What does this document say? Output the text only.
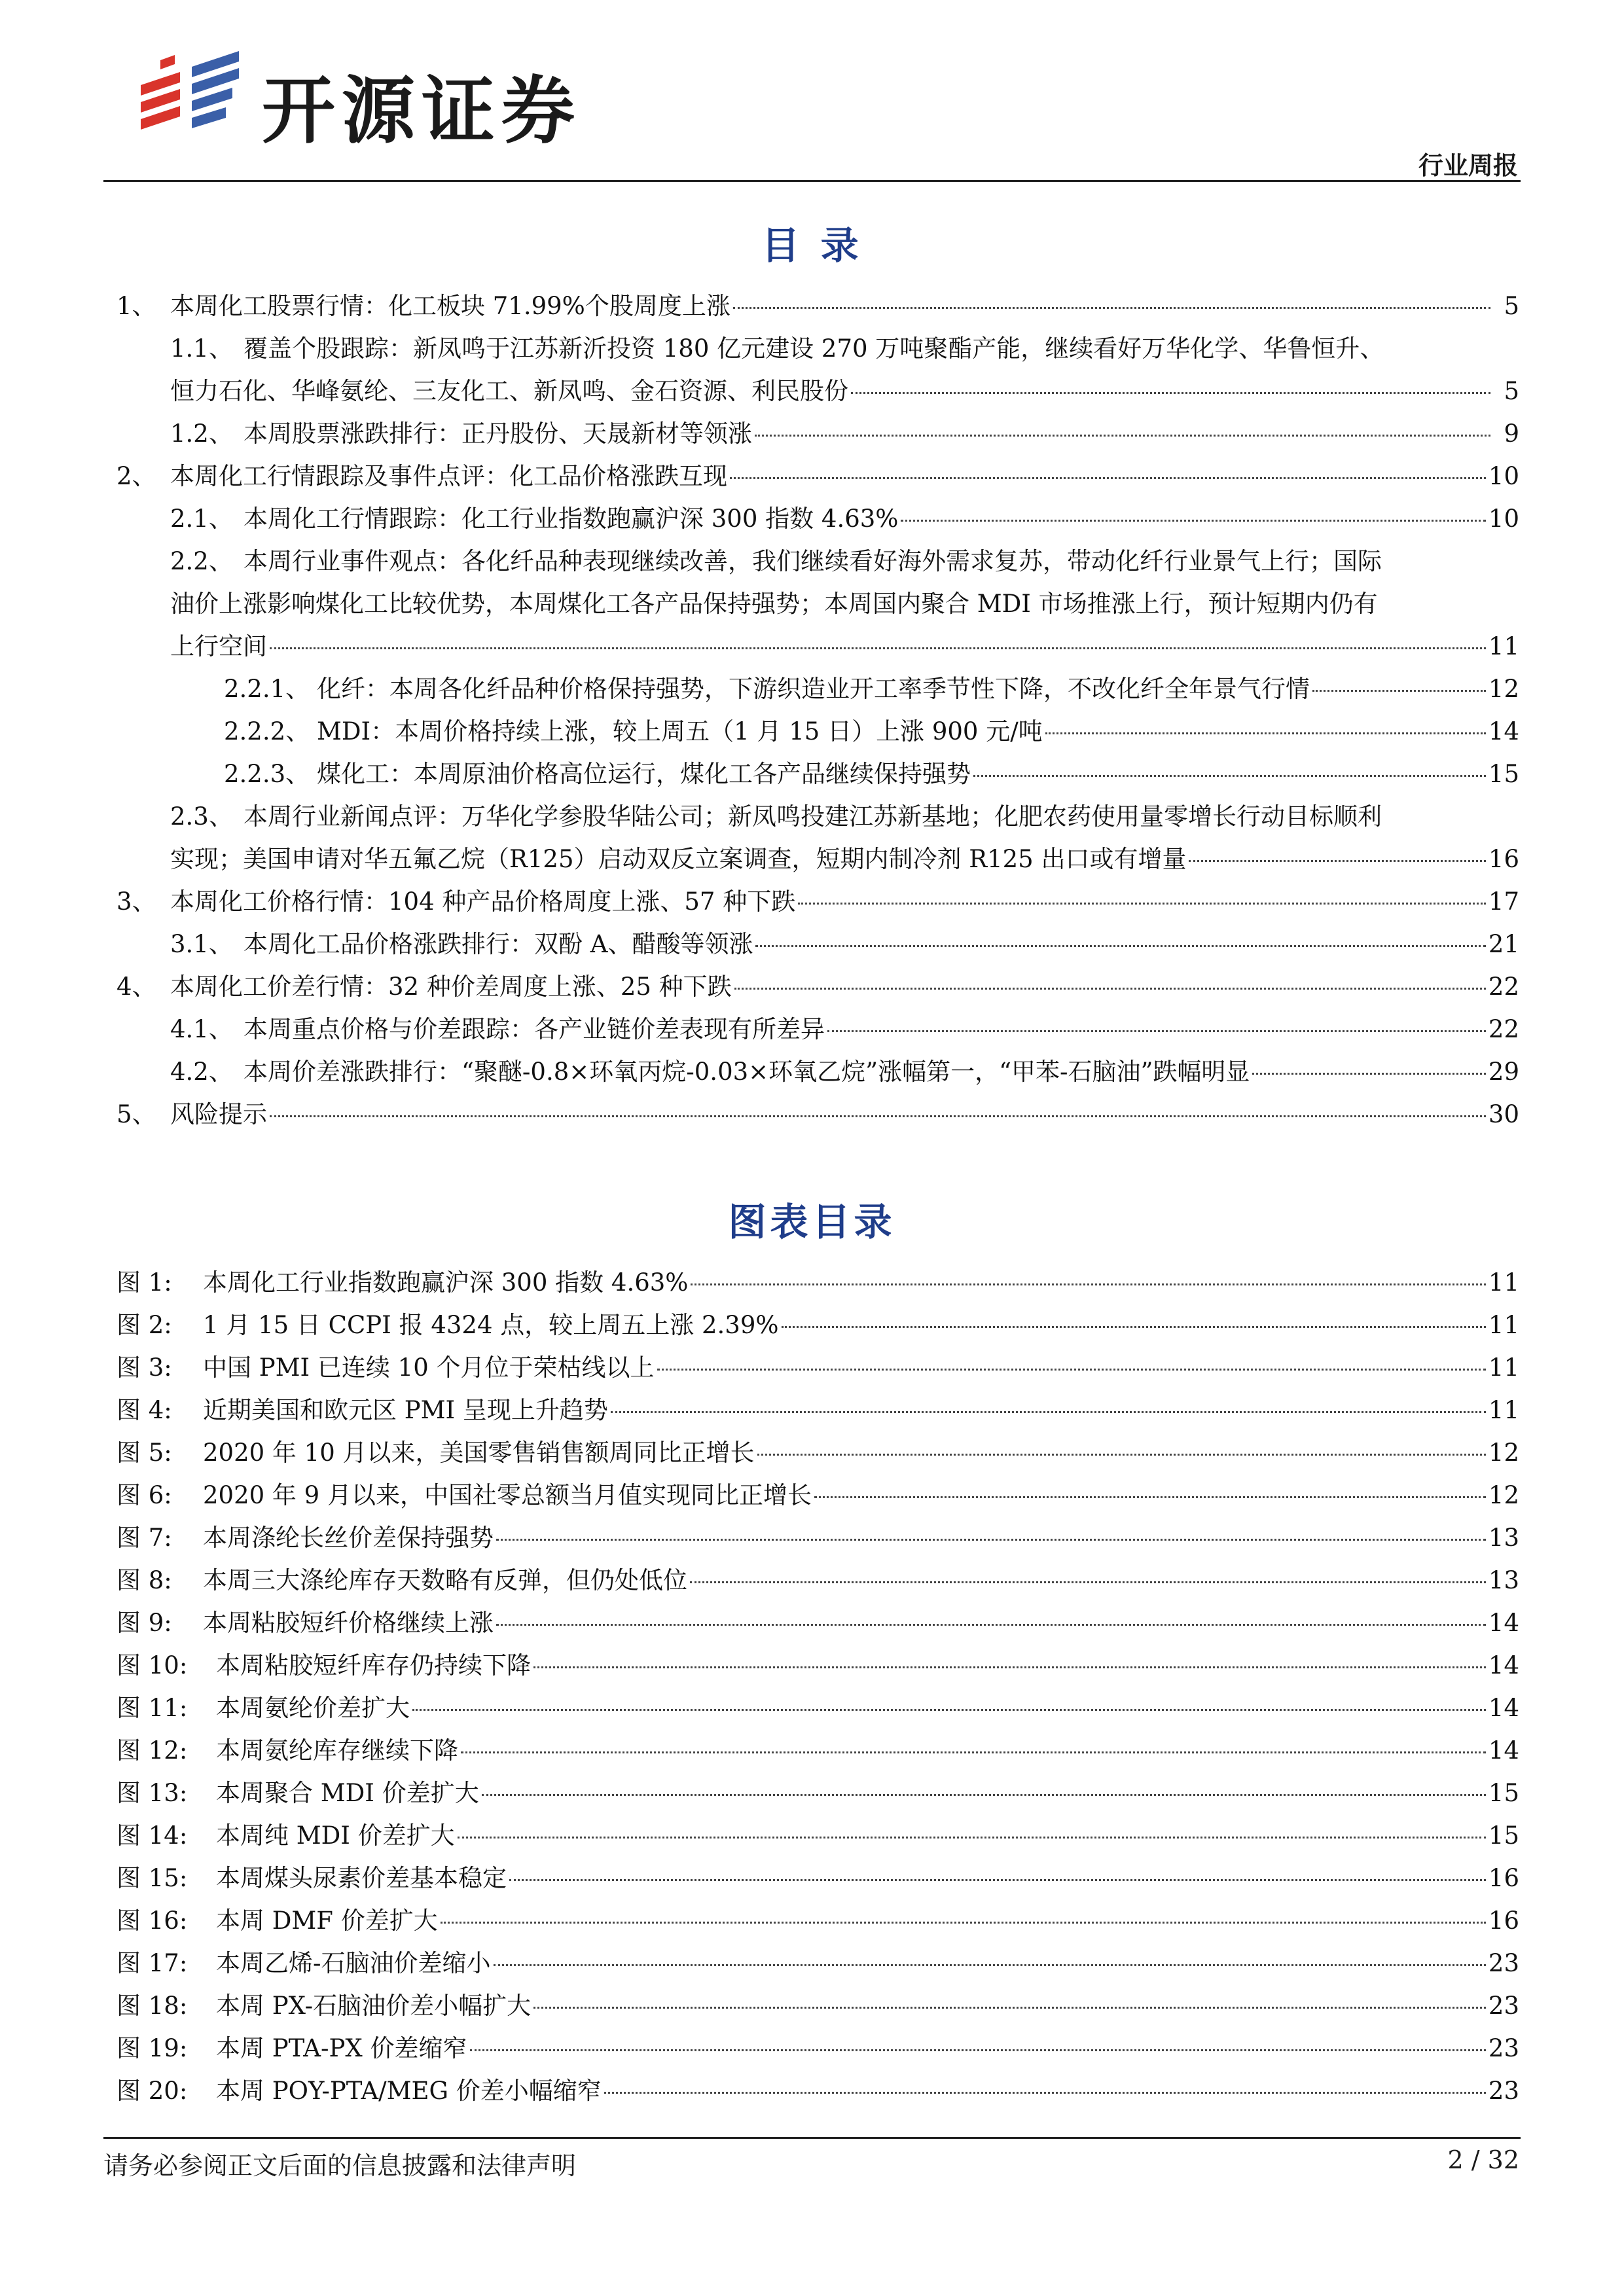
开源证券
行业周报
目 录
1、 本周化工股票行情：化工板块 71.99%个股周度上涨	5
1.1、 覆盖个股跟踪：新凤鸣于江苏新沂投资 180 亿元建设 270 万吨聚酯产能，继续看好万华化学、华鲁恒升、
恒力石化、华峰氨纶、三友化工、新凤鸣、金石资源、利民股份	5
1.2、 本周股票涨跌排行：正丹股份、天晟新材等领涨	9
2、 本周化工行情跟踪及事件点评：化工品价格涨跌互现	10
2.1、 本周化工行情跟踪：化工行业指数跑赢沪深 300 指数 4.63%	10
2.2、 本周行业事件观点：各化纤品种表现继续改善，我们继续看好海外需求复苏，带动化纤行业景气上行；国际
油价上涨影响煤化工比较优势，本周煤化工各产品保持强势；本周国内聚合 MDI 市场推涨上行，预计短期内仍有
上行空间	11
2.2.1、 化纤：本周各化纤品种价格保持强势，下游织造业开工率季节性下降，不改化纤全年景气行情	12
2.2.2、 MDI：本周价格持续上涨，较上周五（1 月 15 日）上涨 900 元/吨	14
2.2.3、 煤化工：本周原油价格高位运行，煤化工各产品继续保持强势	15
2.3、 本周行业新闻点评：万华化学参股华陆公司；新凤鸣投建江苏新基地；化肥农药使用量零增长行动目标顺利
实现；美国申请对华五氟乙烷（R125）启动双反立案调查，短期内制冷剂 R125 出口或有增量	16
3、 本周化工价格行情：104 种产品价格周度上涨、57 种下跌	17
3.1、 本周化工品价格涨跌排行：双酚 A、醋酸等领涨	21
4、 本周化工价差行情：32 种价差周度上涨、25 种下跌	22
4.1、 本周重点价格与价差跟踪：各产业链价差表现有所差异	22
4.2、 本周价差涨跌排行：“聚醚-0.8×环氧丙烷-0.03×环氧乙烷”涨幅第一，“甲苯-石脑油”跌幅明显	29
5、 风险提示	30
图表目录
图 1:	本周化工行业指数跑赢沪深 300 指数 4.63%	11
图 2:	1 月 15 日 CCPI 报 4324 点，较上周五上涨 2.39%	11
图 3:	中国 PMI 已连续 10 个月位于荣枯线以上	11
图 4:	近期美国和欧元区 PMI 呈现上升趋势	11
图 5:	2020 年 10 月以来，美国零售销售额周同比正增长	12
图 6:	2020 年 9 月以来，中国社零总额当月值实现同比正增长	12
图 7:	本周涤纶长丝价差保持强势	13
图 8:	本周三大涤纶库存天数略有反弹，但仍处低位	13
图 9:	本周粘胶短纤价格继续上涨	14
图 10:	本周粘胶短纤库存仍持续下降	14
图 11:	本周氨纶价差扩大	14
图 12:	本周氨纶库存继续下降	14
图 13:	本周聚合 MDI 价差扩大	15
图 14:	本周纯 MDI 价差扩大	15
图 15:	本周煤头尿素价差基本稳定	16
图 16:	本周 DMF 价差扩大	16
图 17:	本周乙烯-石脑油价差缩小	23
图 18:	本周 PX-石脑油价差小幅扩大	23
图 19:	本周 PTA-PX 价差缩窄	23
图 20:	本周 POY-PTA/MEG 价差小幅缩窄	23
请务必参阅正文后面的信息披露和法律声明	2 / 32
